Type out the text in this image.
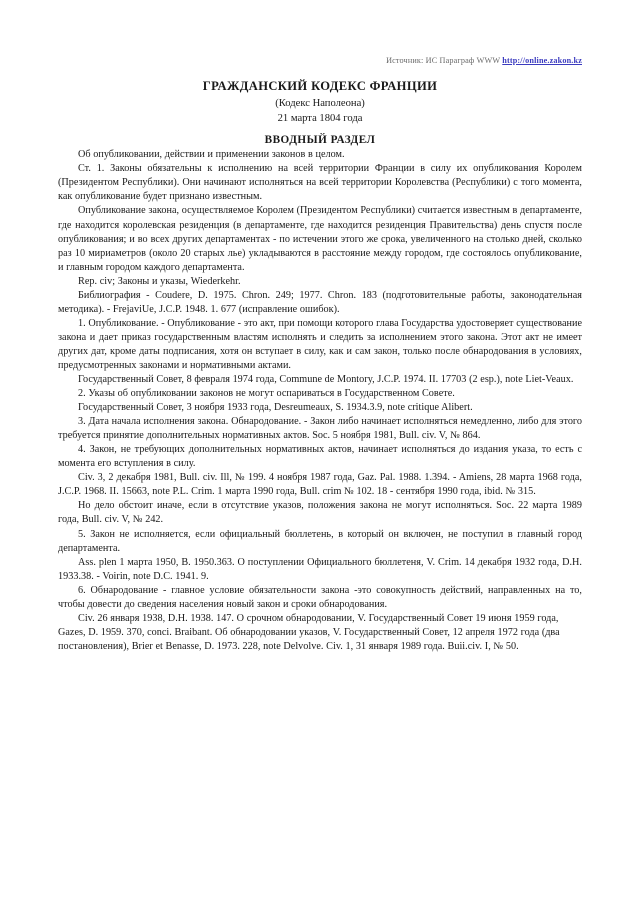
Источник: ИС Параграф WWW http://online.zakon.kz
ГРАЖДАНСКИЙ КОДЕКС ФРАНЦИИ
(Кодекс Наполеона)
21 марта 1804 года
ВВОДНЫЙ РАЗДЕЛ

Об опубликовании, действии и применении законов в целом.

Ст. 1. Законы обязательны к исполнению на всей территории Франции в силу их опубликования Королем (Президентом Республики). Они начинают исполняться на всей территории Королевства (Республики) с того момента, как опубликование будет признано известным.

Опубликование закона, осуществляемое Королем (Президентом Республики) считается известным в департаменте, где находится королевская резиденция (в департаменте, где находится резиденция Правительства) день спустя после опубликования; и во всех других департаментах - по истечении этого же срока, увеличенного на столько дней, сколько раз 10 мириаметров (около 20 старых лье) укладываются в расстояние между городом, где состоялось опубликование, и главным городом каждого департамента.

Rep. civ; Законы и указы, Wiederkehr.

Библиография - Coudere, D. 1975. Chron. 249; 1977. Chron. 183 (подготовительные работы, законодательная методика). - FrejaviUe, J.C.P. 1948. 1. 677 (исправление ошибок).

1. Опубликование. - Опубликование - это акт, при помощи которого глава Государства удостоверяет существование закона и дает приказ государственным властям исполнять и следить за исполнением этого закона. Этот акт не имеет других дат, кроме даты подписания, хотя он вступает в силу, как и сам закон, только после обнародования в условиях, предусмотренных законами и нормативными актами.

Государственный Совет, 8 февраля 1974 года, Commune de Montory, J.C.P. 1974. II. 17703 (2 esp.), note Liet-Veaux.

2. Указы об опубликовании законов не могут оспариваться в Государственном Совете.

Государственный Совет, 3 ноября 1933 года, Desreumeaux, S. 1934.3.9, note critique Alibert.

3. Дата начала исполнения закона. Обнародование. - Закон либо начинает исполняться немедленно, либо для этого требуется принятие дополнительных нормативных актов. Soc. 5 ноября 1981, Bull. civ. V, № 864.

4. Закон, не требующих дополнительных нормативных актов, начинает исполняться до издания указа, то есть с момента его вступления в силу.

Civ. 3, 2 декабря 1981, Bull. civ. Ill, № 199. 4 ноября 1987 года, Gaz. Pal. 1988. 1.394. - Amiens, 28 марта 1968 года, J.C.P. 1968. II. 15663, note P.L. Crim. 1 марта 1990 года, Bull. crim № 102. 18 - сентября 1990 года, ibid. № 315.

Но дело обстоит иначе, если в отсутствие указов, положения закона не могут исполняться. Soc. 22 марта 1989 года, Bull. civ. V, № 242.

5. Закон не исполняется, если официальный бюллетень, в который он включен, не поступил в главный город департамента.

Ass. plen 1 марта 1950, В. 1950.363. О поступлении Официального бюллетеня, V. Crim. 14 декабря 1932 года, D.H. 1933.38. - Voirin, note D.C. 1941. 9.

6. Обнародование - главное условие обязательности закона -это совокупность действий, направленных на то, чтобы довести до сведения населения новый закон и сроки обнародования.

Civ. 26 января 1938, D.H. 1938. 147. О срочном обнародовании, V. Государственный Совет 19 июня 1959 года, Gazes, D. 1959. 370, conci. Braibant. Об обнародовании указов, V. Государственный Совет, 12 апреля 1972 года (два постановления), Brier et Benasse, D. 1973. 228, note Delvolve. Civ. 1, 31 января 1989 года. Buii.civ. I, № 50.
